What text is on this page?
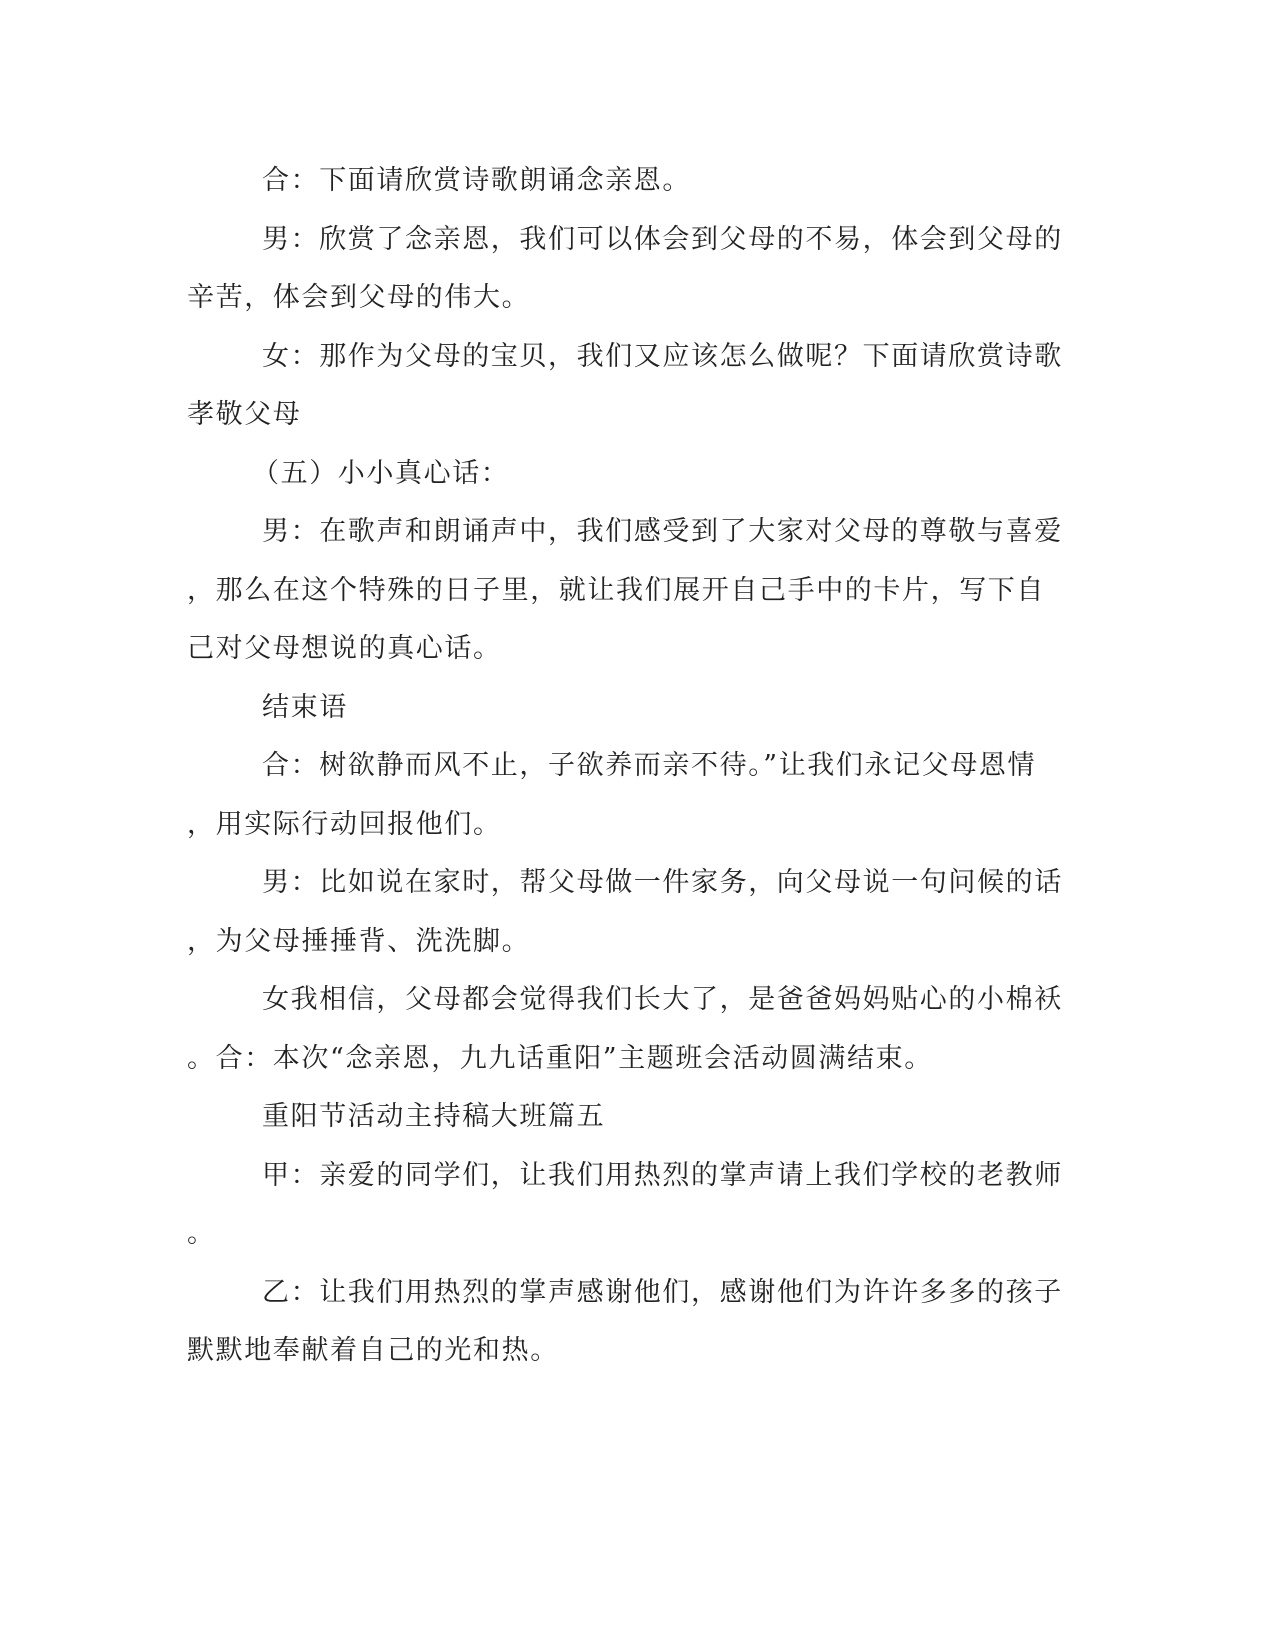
合：下面请欣赏诗歌朗诵念亲恩。
男：欣赏了念亲恩，我们可以体会到父母的不易，体会到父母的
辛苦，体会到父母的伟大。
女：那作为父母的宝贝，我们又应该怎么做呢？下面请欣赏诗歌
孝敬父母
（五）小小真心话：
男：在歌声和朗诵声中，我们感受到了大家对父母的尊敬与喜爱
，那么在这个特殊的日子里，就让我们展开自己手中的卡片，写下自
己对父母想说的真心话。
结束语
合：树欲静而风不止，子欲养而亲不待。”让我们永记父母恩情
，用实际行动回报他们。
男：比如说在家时，帮父母做一件家务，向父母说一句问候的话
，为父母捶捶背、洗洗脚。
女我相信，父母都会觉得我们长大了，是爸爸妈妈贴心的小棉袄
。合：本次“念亲恩，九九话重阳”主题班会活动圆满结束。
重阳节活动主持稿大班篇五
甲：亲爱的同学们，让我们用热烈的掌声请上我们学校的老教师
。
乙：让我们用热烈的掌声感谢他们，感谢他们为许许多多的孩子
默默地奉献着自己的光和热。
